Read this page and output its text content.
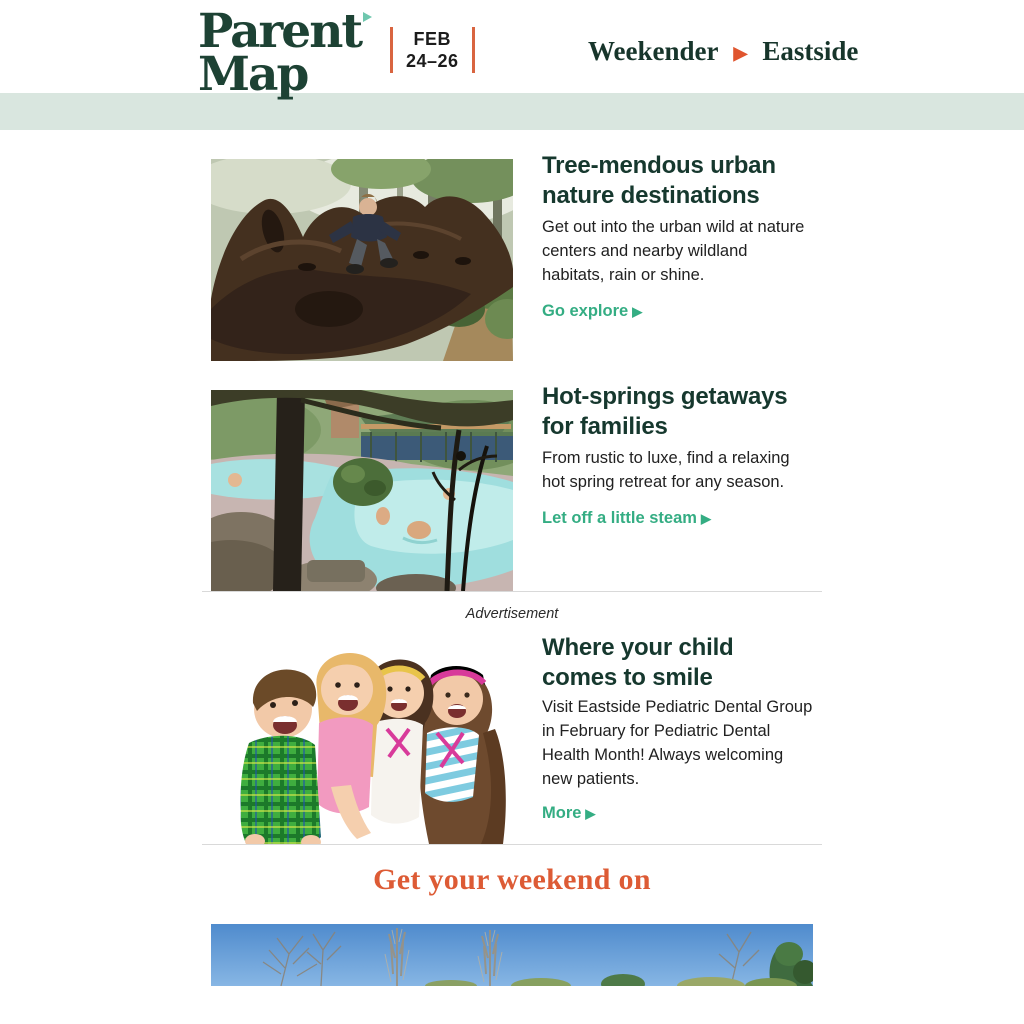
Parent
Map
FEB
24–26	Weekender ▶ Eastside
Tree-mendous urban nature destinations

Get out into the urban wild at nature centers and nearby wildland habitats, rain or shine.

Go explore ▶
Hot-springs getaways for families

From rustic to luxe, find a relaxing hot spring retreat for any season.

Let off a little steam ▶
Advertisement
Where your child comes to smile

Visit Eastside Pediatric Dental Group in February for Pediatric Dental Health Month! Always welcoming new patients.

More ▶
Get your weekend on
